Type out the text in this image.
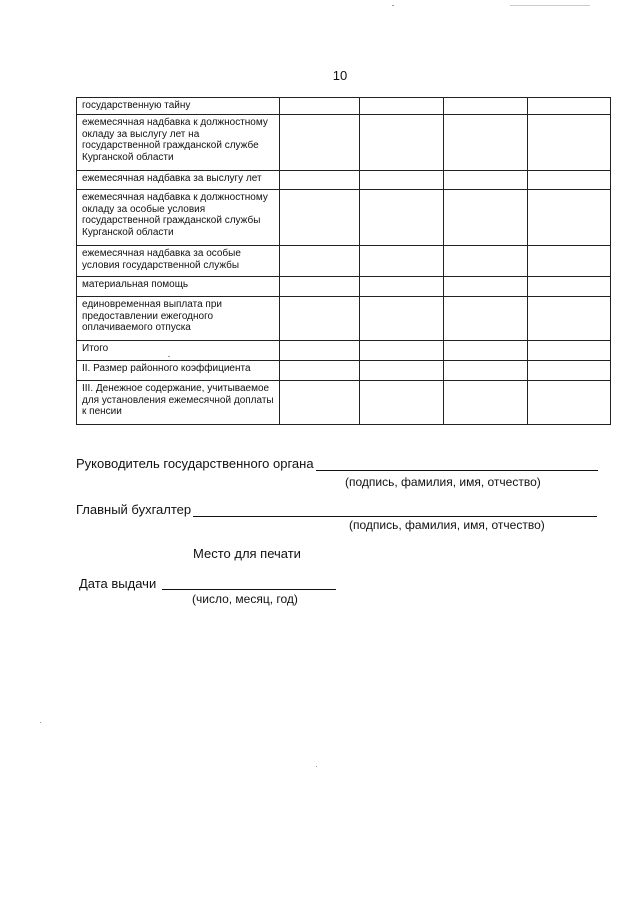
10
государственную тайну				
ежемесячная надбавка к должностному окладу за выслугу лет на государственной гражданской службе Курганской области				
ежемесячная надбавка за выслугу лет				
ежемесячная надбавка к должностному окладу за особые условия государственной гражданской службы Курганской области				
ежемесячная надбавка за особые условия государственной службы				
материальная помощь				
единовременная выплата при предоставлении ежегодного оплачиваемого отпуска				
Итого				
II. Размер районного коэффициента				
III. Денежное содержание, учитываемое для установления ежемесячной доплаты к пенсии				
Руководитель государственного органа
(подпись, фамилия, имя, отчество)
Главный бухгалтер
(подпись, фамилия, имя, отчество)
Место для печати
Дата выдачи
(число, месяц, год)
